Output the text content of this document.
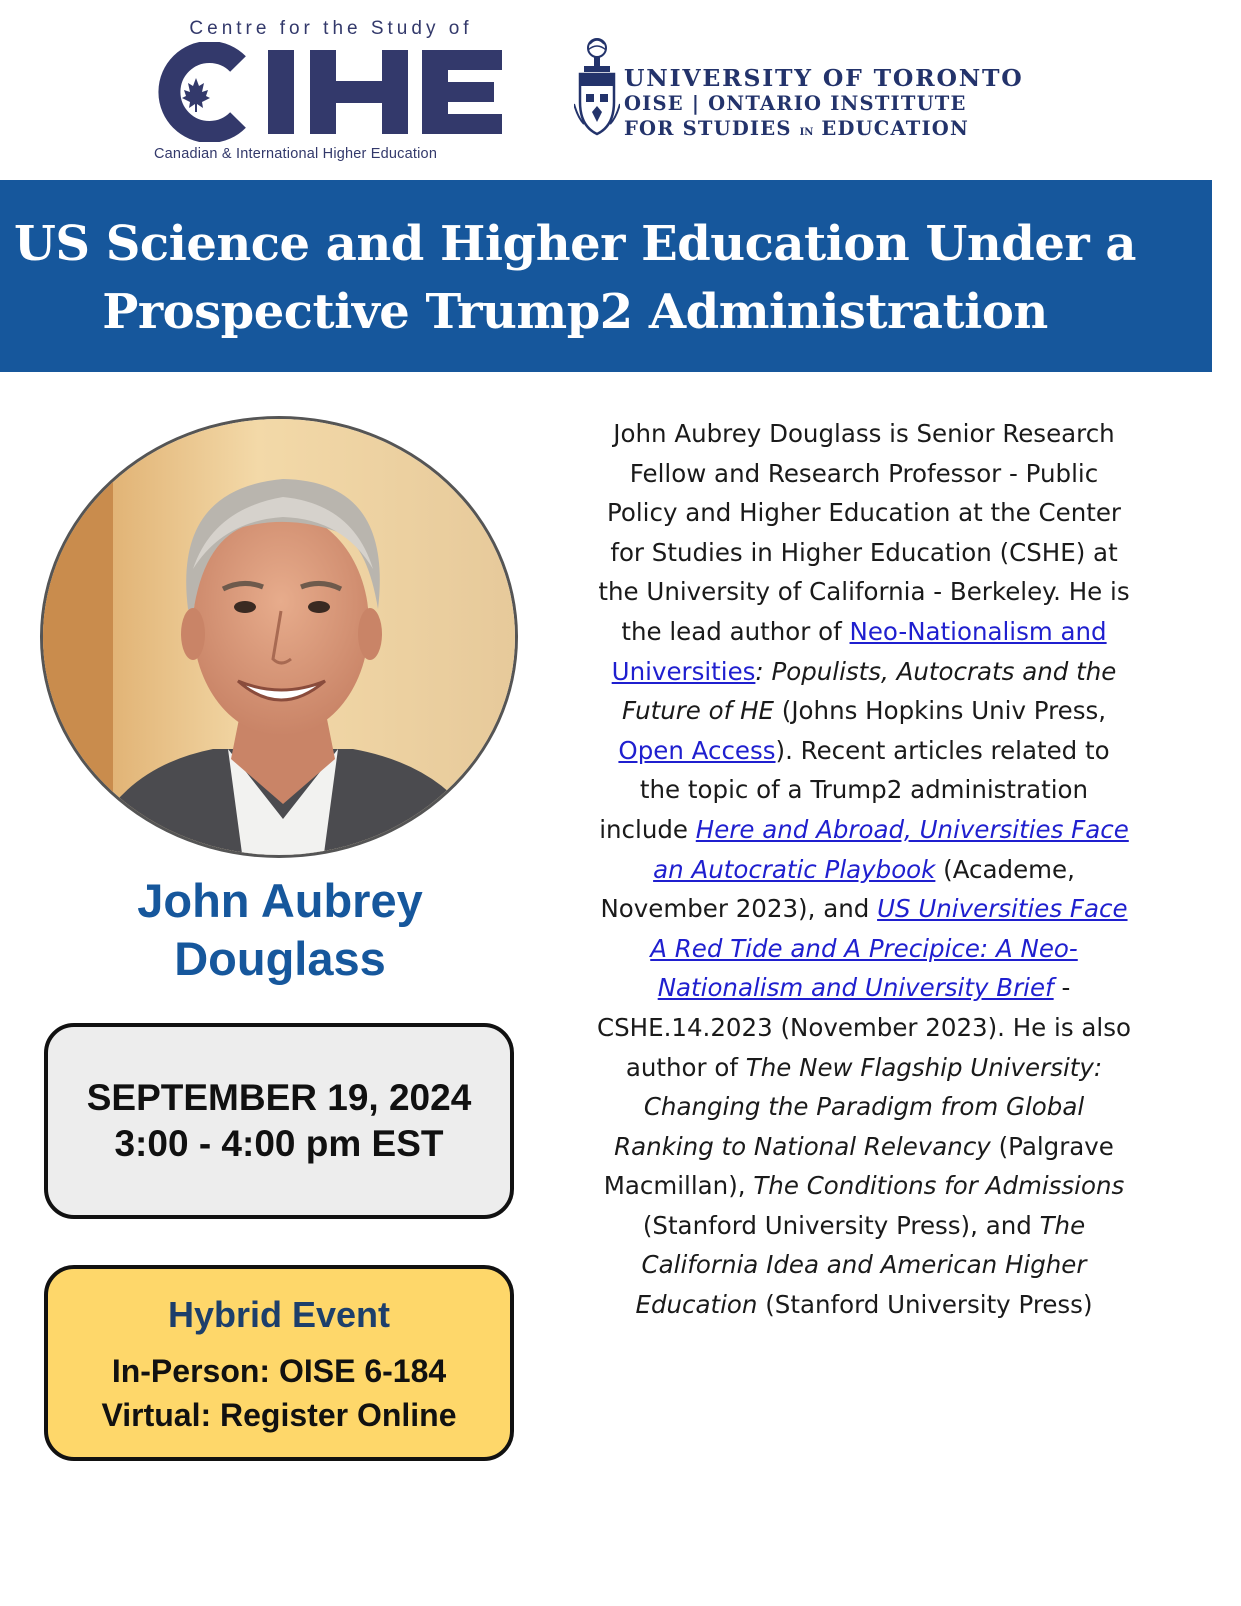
Centre for the Study of
Canadian & International Higher Education
UNIVERSITY OF TORONTO
OISE | ONTARIO INSTITUTE
FOR STUDIES IN EDUCATION
US Science and Higher Education Under a
Prospective Trump2 Administration
John Aubrey
Douglass
SEPTEMBER 19, 2024
3:00 - 4:00 pm EST
Hybrid Event
In-Person: OISE 6-184
Virtual: Register Online
John Aubrey Douglass is Senior Research Fellow and Research Professor - Public Policy and Higher Education at the Center for Studies in Higher Education (CSHE) at the University of California - Berkeley. He is the lead author of Neo-Nationalism and Universities: Populists, Autocrats and the Future of HE (Johns Hopkins Univ Press, Open Access). Recent articles related to the topic of a Trump2 administration include Here and Abroad, Universities Face an Autocratic Playbook (Academe, November 2023), and US Universities Face A Red Tide and A Precipice: A Neo-Nationalism and University Brief - CSHE.14.2023 (November 2023). He is also author of The New Flagship University: Changing the Paradigm from Global Ranking to National Relevancy (Palgrave Macmillan), The Conditions for Admissions (Stanford University Press), and The California Idea and American Higher Education (Stanford University Press)
